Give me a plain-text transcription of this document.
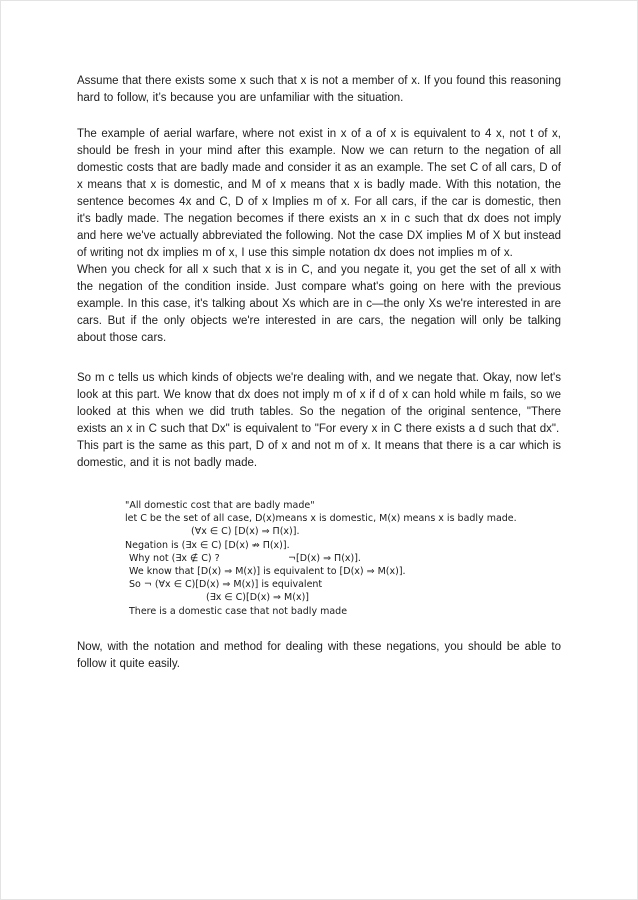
Assume that there exists some x such that x is not a member of x. If you found this reasoning hard to follow, it’s because you are unfamiliar with the situation.

The example of aerial warfare, where not exist in x of a of x is equivalent to 4 x, not t of x, should be fresh in your mind after this example. Now we can return to the negation of all domestic costs that are badly made and consider it as an example. The set C of all cars, D of x means that x is domestic, and M of x means that x is badly made. With this notation, the sentence becomes 4x and C, D of x Implies m of x. For all cars, if the car is domestic, then it's badly made. The negation becomes if there exists an x in c such that dx does not imply and here we've actually abbreviated the following. Not the case DX implies M of X but instead of writing not dx implies m of x, I use this simple notation dx does not implies m of x.

When you check for all x such that x is in C, and you negate it, you get the set of all x with the negation of the condition inside. Just compare what's going on here with the previous example. In this case, it's talking about Xs which are in c—the only Xs we're interested in are cars. But if the only objects we're interested in are cars, the negation will only be talking about those cars.

So m c tells us which kinds of objects we're dealing with, and we negate that. Okay, now let's look at this part. We know that dx does not imply m of x if d of x can hold while m fails, so we looked at this when we did truth tables. So the negation of the original sentence, "There exists an x in C such that Dx" is equivalent to "For every x in C there exists a d such that dx".

This part is the same as this part, D of x and not m of x. It means that there is a car which is domestic, and it is not badly made.

"All domestic cost that are badly made"
let C be the set of all case, D(x)means x is domestic, M(x) means x is badly made.
(∀x ∈ C) [D(x) ⇒ Π(x)].
Negation is (∃x ∈ C) [D(x) ⇏ Π(x)].
Why not (∃x ∉ C) ?	¬[D(x) ⇒ Π(x)].
We know that [D(x) ⇒ M(x)] is equivalent to [D(x) ⇒ M(x)].
So ¬ (∀x ∈ C)[D(x) ⇒ M(x)] is equivalent
(∃x ∈ C)[D(x) ⇒ M(x)]
There is a domestic case that not badly made

Now, with the notation and method for dealing with these negations, you should be able to follow it quite easily.
